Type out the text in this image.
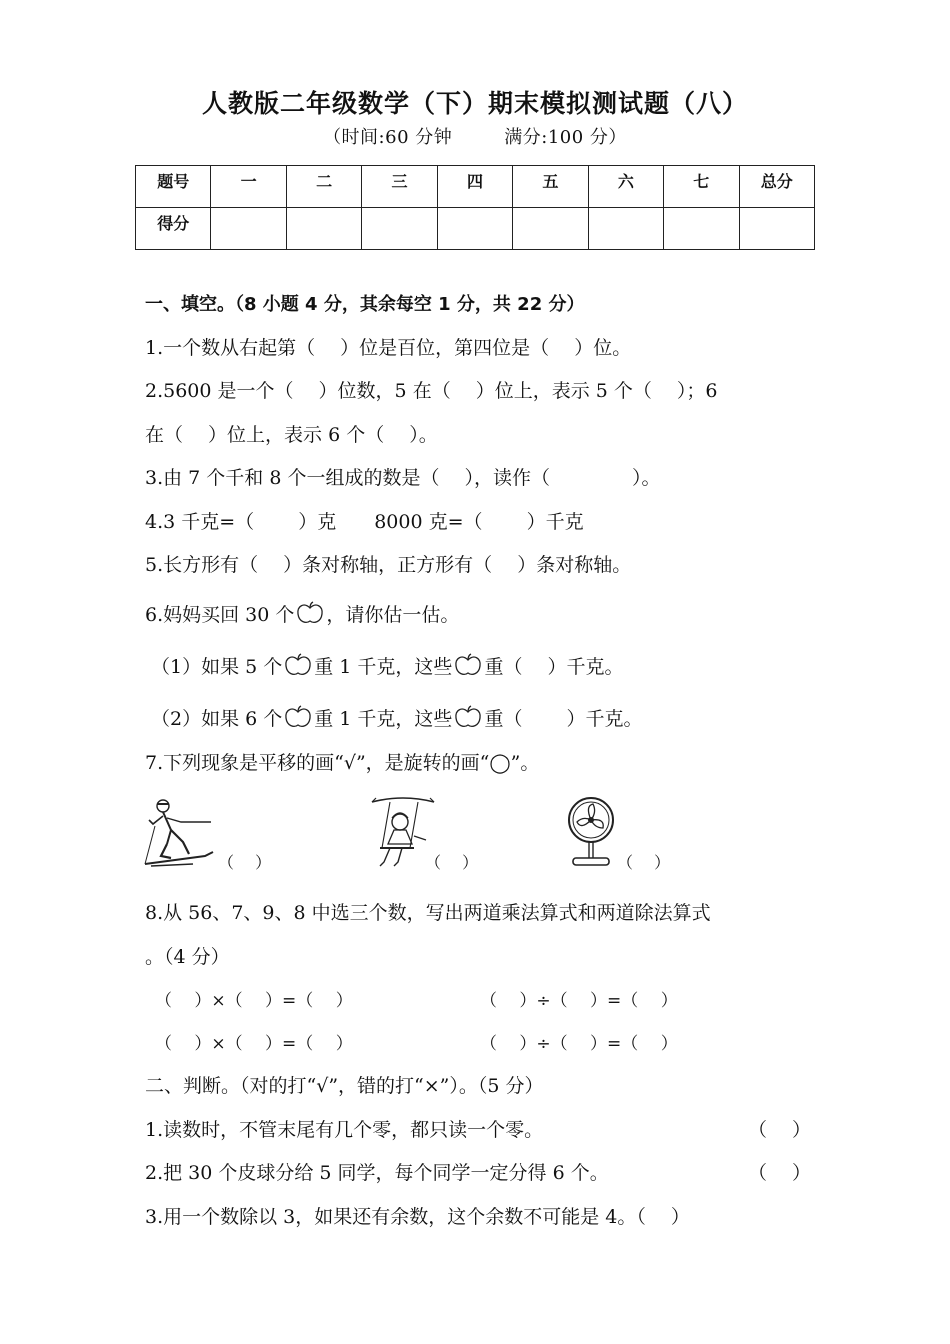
人教版二年级数学（下）期末模拟测试题（八）
（时间:60 分钟	满分:100 分）
题号	一	二	三	四	五	六	七	总分
得分								
一、填空。（8 小题 4 分，其余每空 1 分，共 22 分）
1.一个数从右起第（　 ）位是百位，第四位是（　 ）位。
2.5600 是一个（　 ）位数，5 在（　 ）位上，表示 5 个（　 ）；6
在（　 ）位上，表示 6 个（　 ）。
3.由 7 个千和 8 个一组成的数是（　 ），读作（　　　　 ）。
4.3 千克=（　　 ）克　　8000 克=（　　 ）千克
5.长方形有（　 ）条对称轴，正方形有（　 ）条对称轴。
6.妈妈买回 30 个 ，请你估一估。
（1）如果 5 个 重 1 千克，这些 重（　 ）千克。
（2）如果 6 个 重 1 千克，这些 重（　　 ）千克。
7.下列现象是平移的画“√”，是旋转的画“◯”。
（　 ）	（　 ）	（　 ）
8.从 56、7、9、8 中选三个数，写出两道乘法算式和两道除法算式
。（4 分）
（　 ）×（　 ）=（　 ）	（　 ）÷（　 ）=（　 ）
（　 ）×（　 ）=（　 ）	（　 ）÷（　 ）=（　 ）
二、判断。（对的打“√”，错的打“×”）。（5 分）
1.读数时，不管末尾有几个零，都只读一个零。	（　 ）
2.把 30 个皮球分给 5 同学，每个同学一定分得 6 个。	（　 ）
3.用一个数除以 3，如果还有余数，这个余数不可能是 4。（　 ）
